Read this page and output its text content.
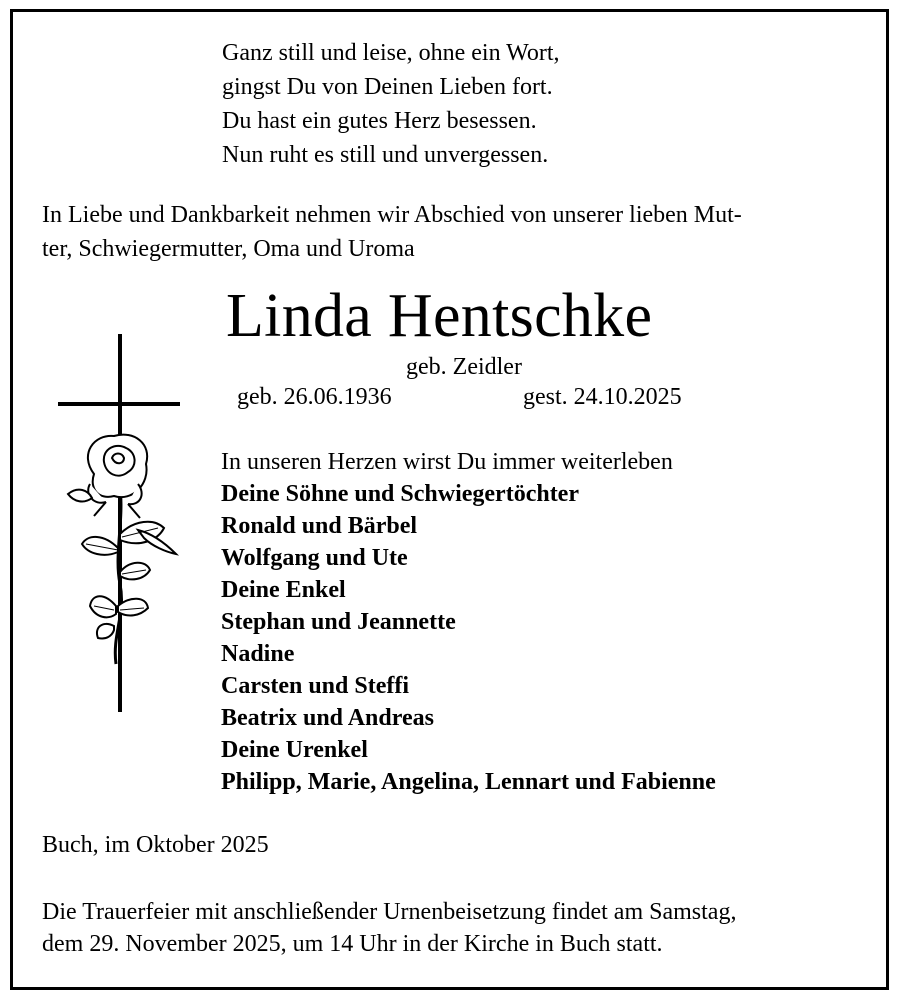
Ganz still und leise, ohne ein Wort,
gingst Du von Deinen Lieben fort.
Du hast ein gutes Herz besessen.
Nun ruht es still und unvergessen.
In Liebe und Dankbarkeit nehmen wir Abschied von unserer lieben Mut-
ter, Schwiegermutter, Oma und Uroma
Linda Hentschke
geb. Zeidler
geb. 26.06.1936	gest. 24.10.2025
In unseren Herzen wirst Du immer weiterleben
Deine Söhne und Schwiegertöchter
Ronald und Bärbel
Wolfgang und Ute
Deine Enkel
Stephan und Jeannette
Nadine
Carsten und Steffi
Beatrix und Andreas
Deine Urenkel
Philipp, Marie, Angelina, Lennart und Fabienne
Buch, im Oktober 2025
Die Trauerfeier mit anschließender Urnenbeisetzung findet am Samstag,
dem 29. November 2025, um 14 Uhr in der Kirche in Buch statt.
